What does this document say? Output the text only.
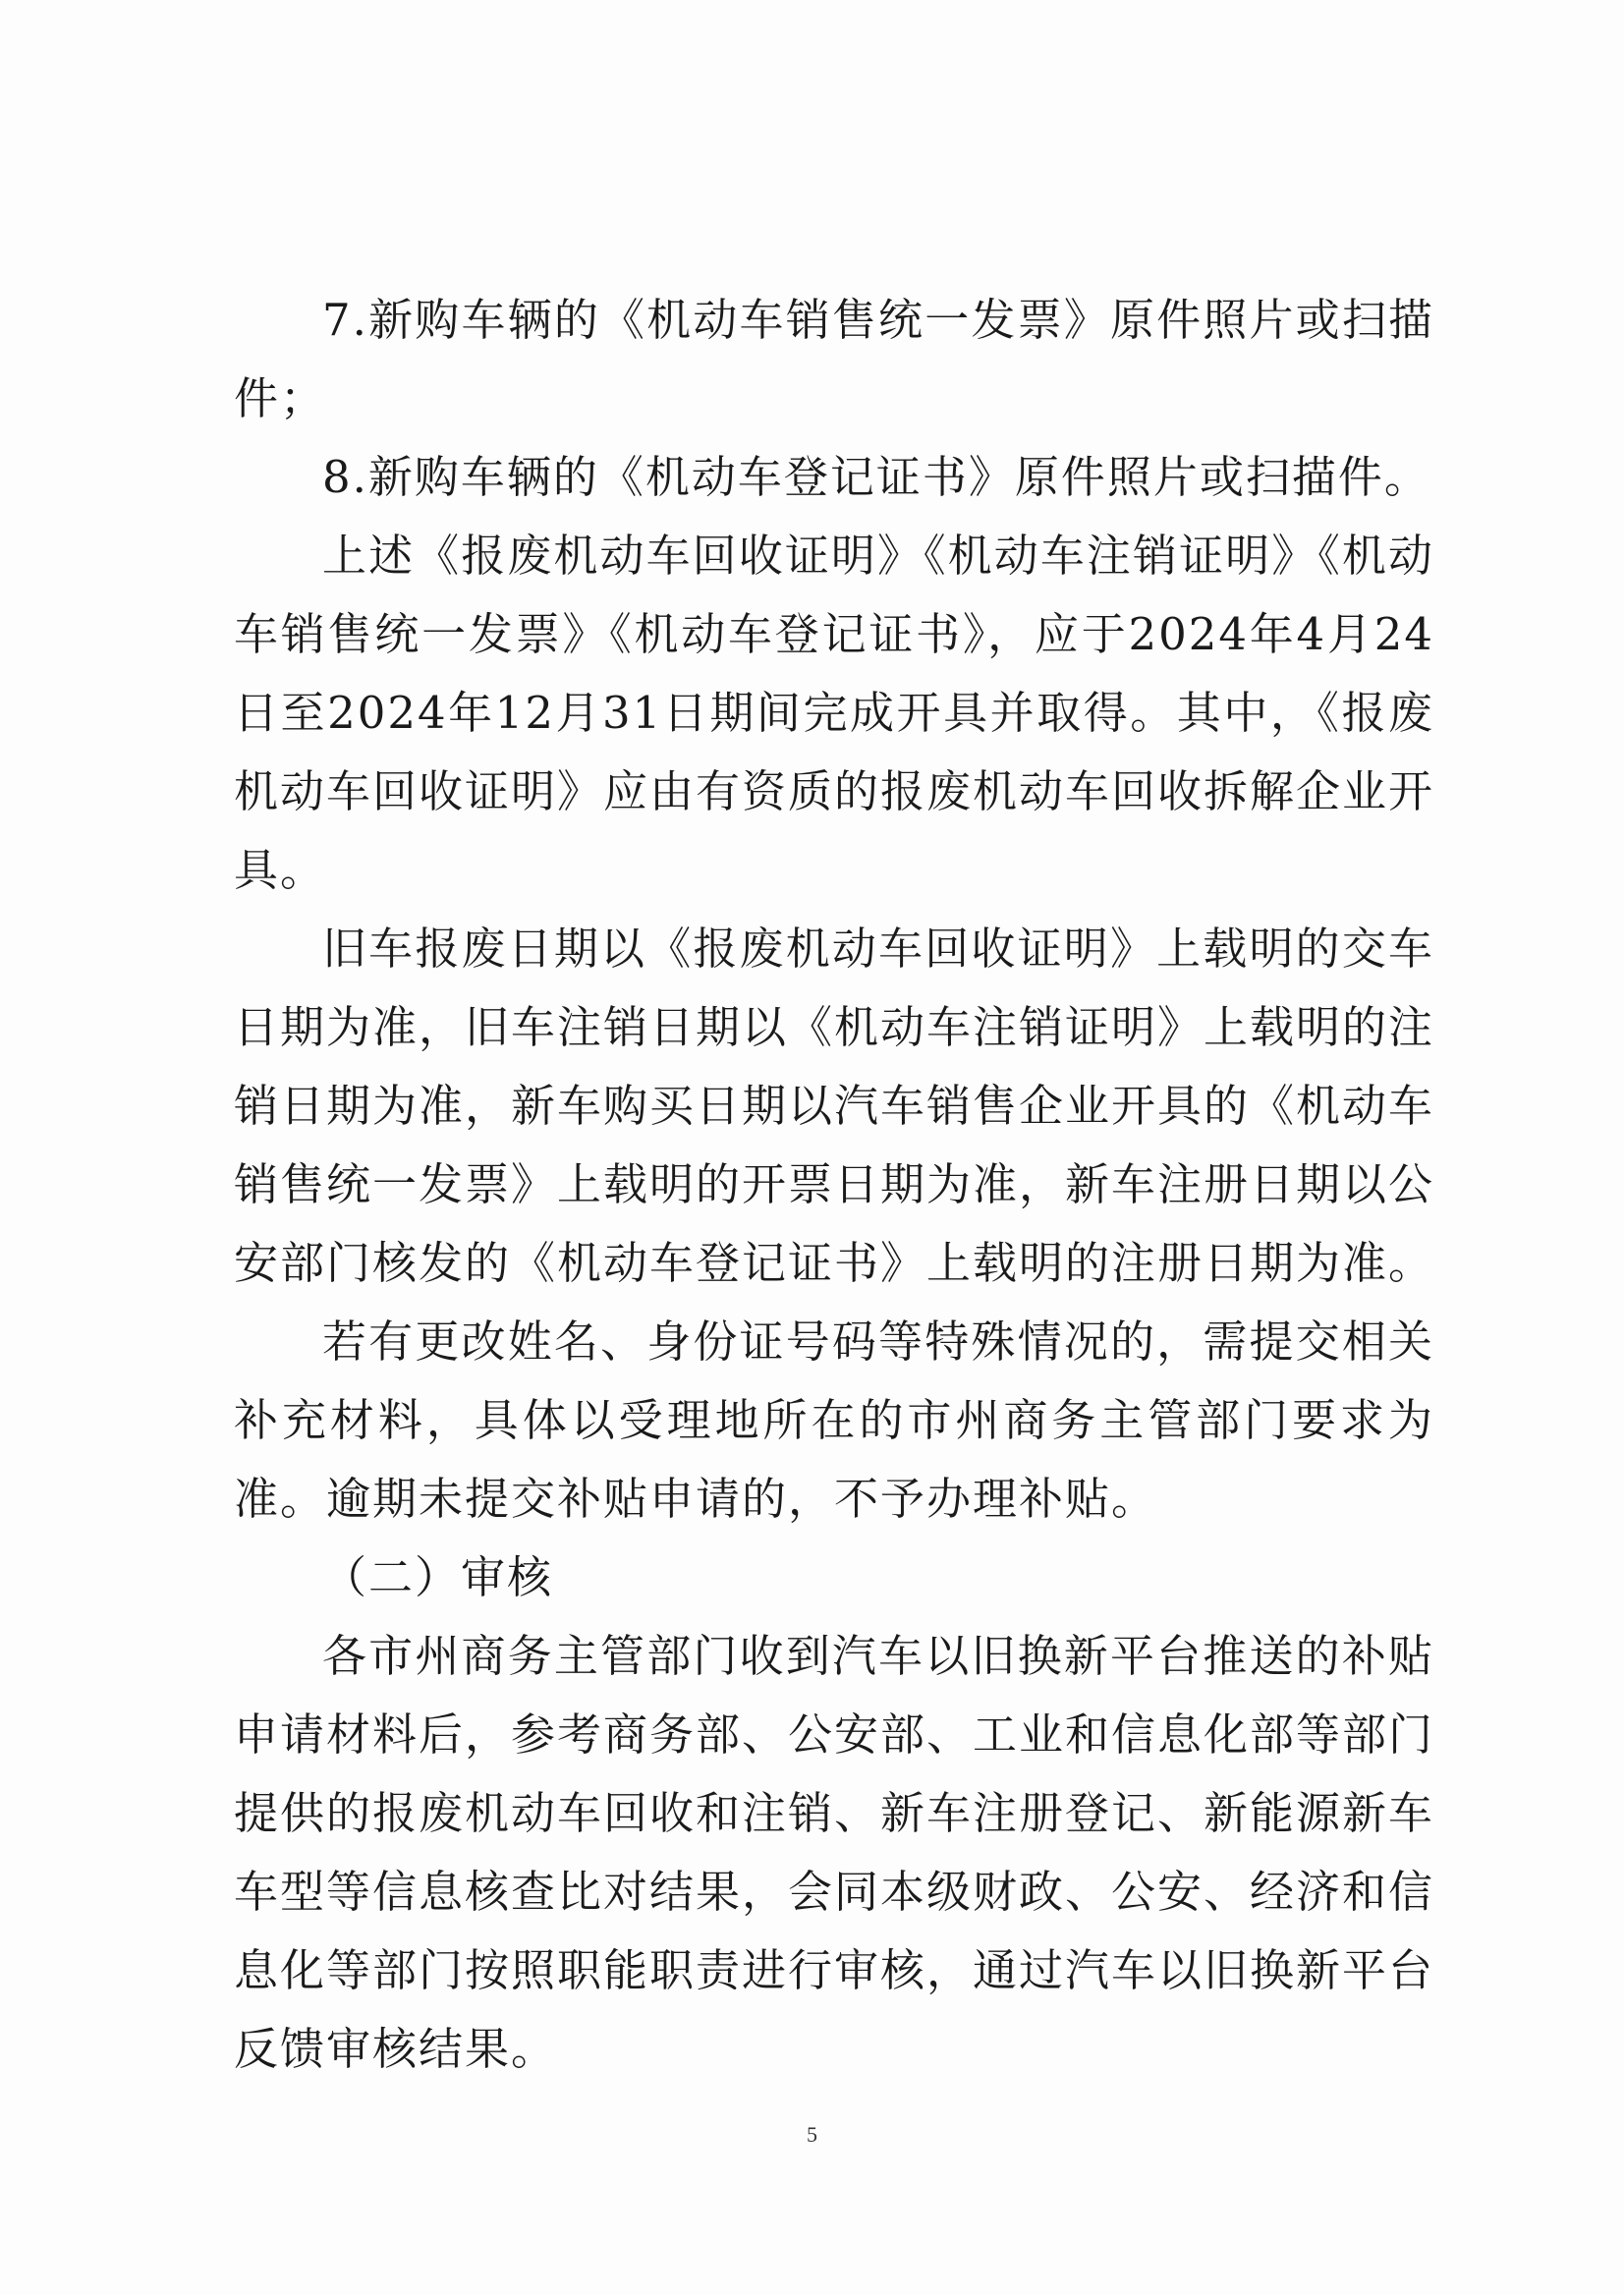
7.新购车辆的《机动车销售统一发票》原件照片或扫描件；

8.新购车辆的《机动车登记证书》原件照片或扫描件。

上述《报废机动车回收证明》《机动车注销证明》《机动车销售统一发票》《机动车登记证书》，应于2024年4月24日至2024年12月31日期间完成开具并取得。其中，《报废机动车回收证明》应由有资质的报废机动车回收拆解企业开具。

旧车报废日期以《报废机动车回收证明》上载明的交车日期为准，旧车注销日期以《机动车注销证明》上载明的注销日期为准，新车购买日期以汽车销售企业开具的《机动车销售统一发票》上载明的开票日期为准，新车注册日期以公安部门核发的《机动车登记证书》上载明的注册日期为准。

若有更改姓名、身份证号码等特殊情况的，需提交相关补充材料，具体以受理地所在的市州商务主管部门要求为准。逾期未提交补贴申请的，不予办理补贴。

（二）审核

各市州商务主管部门收到汽车以旧换新平台推送的补贴申请材料后，参考商务部、公安部、工业和信息化部等部门提供的报废机动车回收和注销、新车注册登记、新能源新车车型等信息核查比对结果，会同本级财政、公安、经济和信息化等部门按照职能职责进行审核，通过汽车以旧换新平台反馈审核结果。

5
